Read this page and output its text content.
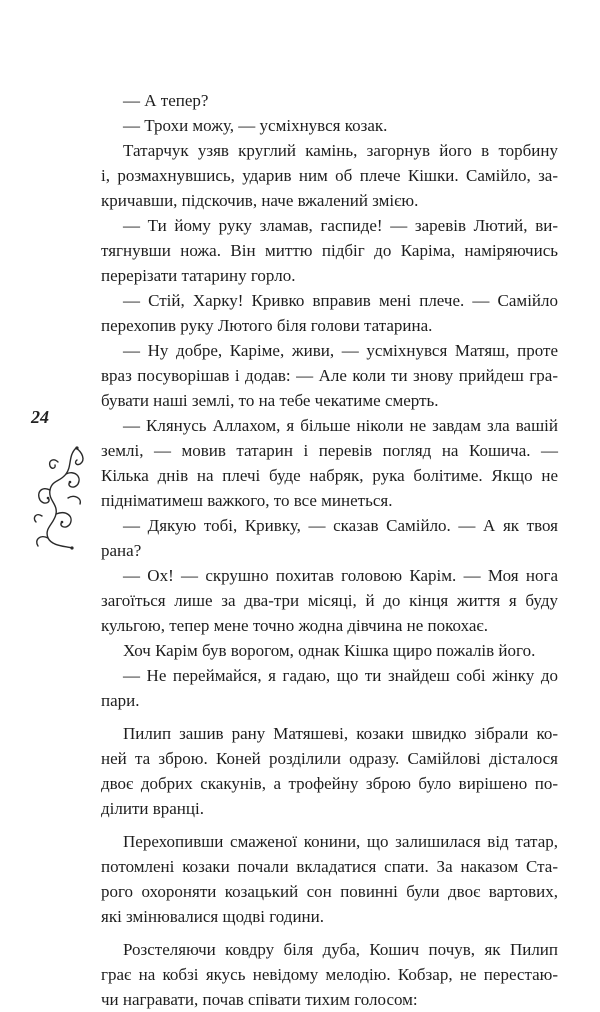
24

— А тепер?

— Трохи можу, — усміхнувся козак.

Татарчук узяв круглий камінь, загорнув його в торбину

і, розмахнувшись, ударив ним об плече Кішки. Самійло, за-

кричавши, підскочив, наче вжалений змією.

— Ти йому руку зламав, гаспиде! — заревів Лютий, ви-

тягнувши ножа. Він миттю підбіг до Каріма, наміряючись

перерізати татарину горло.

— Стій, Харку! Кривко вправив мені плече. — Самійло

перехопив руку Лютого біля голови татарина.

— Ну добре, Каріме, живи, — усміхнувся Матяш, проте

враз посуворішав і додав: — Але коли ти знову прийдеш гра-

бувати наші землі, то на тебе чекатиме смерть.

— Клянусь Аллахом, я більше ніколи не завдам зла вашій

землі, — мовив татарин і перевів погляд на Кошича. —

Кілька днів на плечі буде набряк, рука болітиме. Якщо не

підніматимеш важкого, то все минеться.

— Дякую тобі, Кривку, — сказав Самійло. — А як твоя

рана?

— Ох! — скрушно похитав головою Карім. — Моя нога

загоїться лише за два-три місяці, й до кінця життя я буду

кульгою, тепер мене точно жодна дівчина не покохає.

Хоч Карім був ворогом, однак Кішка щиро пожалів його.

— Не переймайся, я гадаю, що ти знайдеш собі жінку до

пари.

Пилип зашив рану Матяшеві, козаки швидко зібрали ко-

ней та зброю. Коней розділили одразу. Самійлові дісталося

двоє добрих скакунів, а трофейну зброю було вирішено по-

ділити вранці.

Перехопивши смаженої конини, що залишилася від татар,

потомлені козаки почали вкладатися спати. За наказом Ста-

рого охороняти козацький сон повинні були двоє вартових,

які змінювалися щодві години.

Розстеляючи ковдру біля дуба, Кошич почув, як Пилип

грає на кобзі якусь невідому мелодію. Кобзар, не перестаю-

чи награвати, почав співати тихим голосом:
